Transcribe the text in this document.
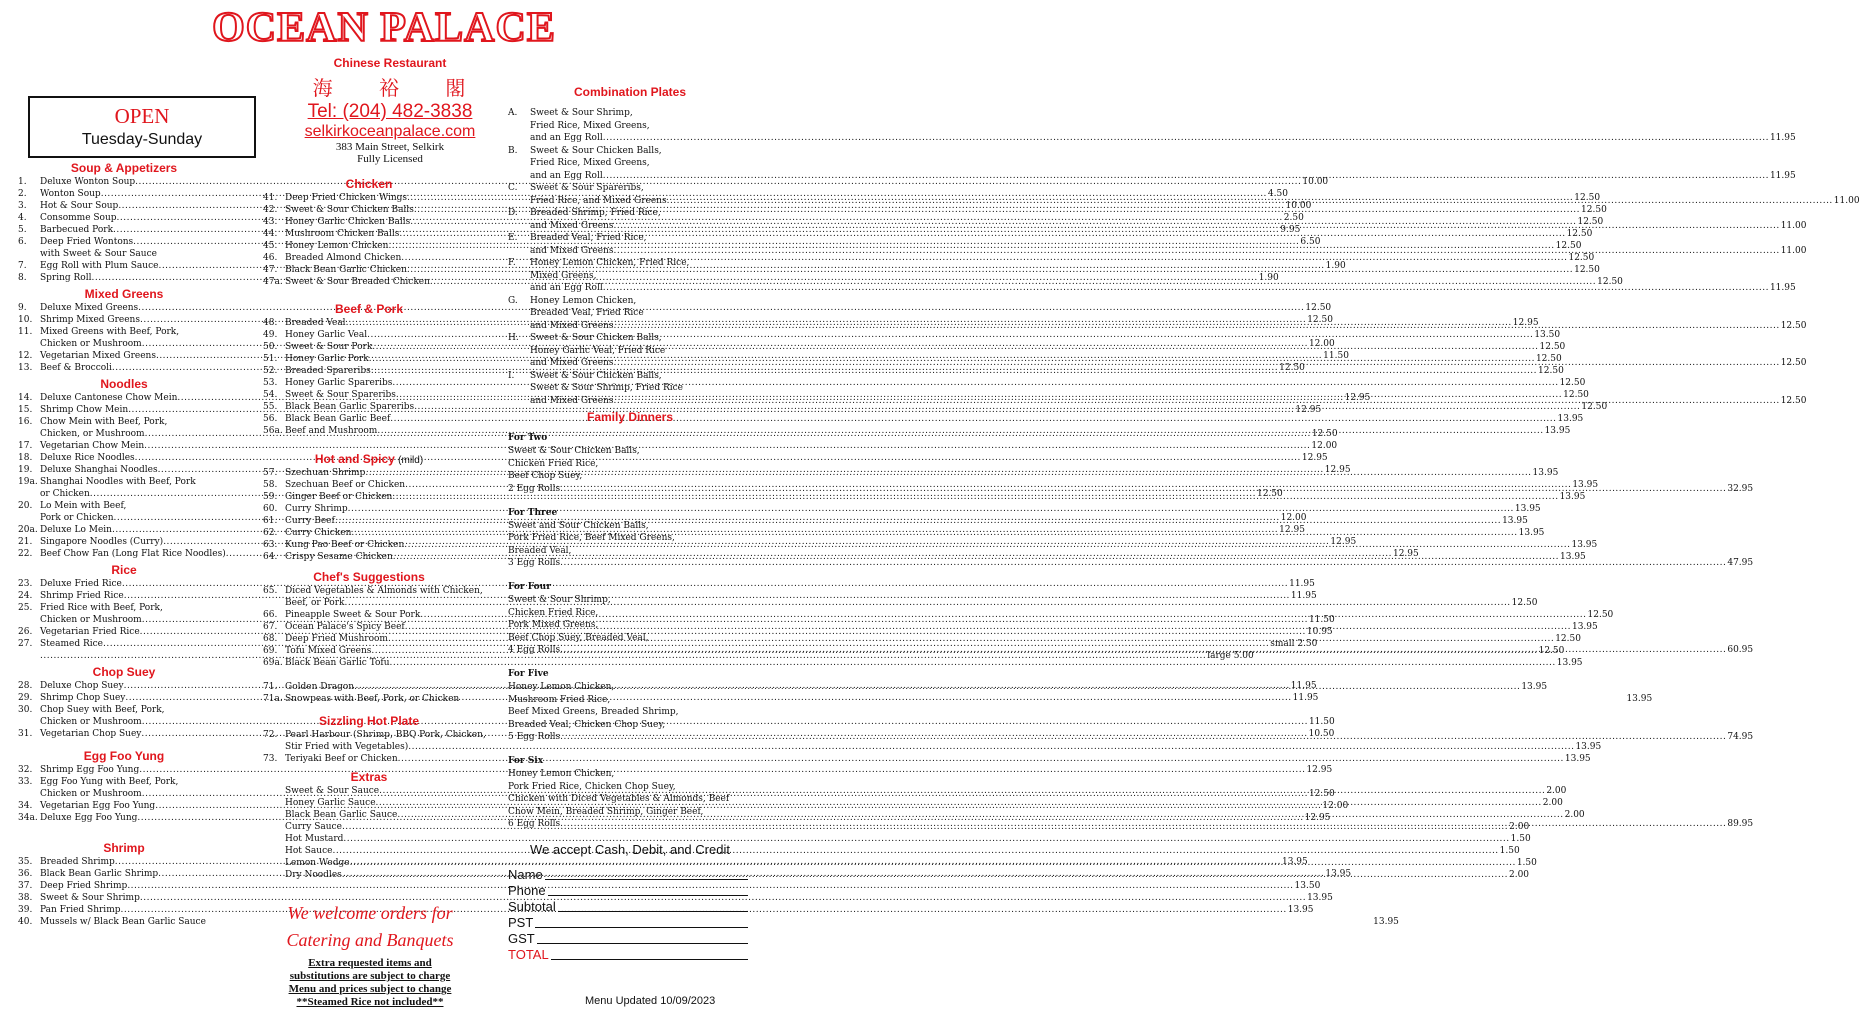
OCEAN PALACE
OPEN
Tuesday-Sunday
Chinese Restaurant
海 裕 閣
Tel: (204) 482-3838
selkirkoceanpalace.com
383 Main Street, Selkirk
Fully Licensed
Soup & Appetizers
1.	Deluxe Wonton Soup .....	10.00
2.	Wonton Soup .....	4.50
3.	Hot & Sour Soup .....	10.00
4.	Consomme Soup .....	2.50
5.	Barbecued Pork .....	9.95
6.	Deep Fried Wontons .....	6.50
with Sweet & Sour Sauce
7.	Egg Roll with Plum Sauce .....	1.90
8.	Spring Roll .....	1.90
Mixed Greens
9.	Deluxe Mixed Greens .....	12.50
10. Shrimp Mixed Greens .....	12.50
11. Mixed Greens with Beef, Pork,
Chicken or Mushroom .....	12.00
12. Vegetarian Mixed Greens .....	11.50
13. Beef & Broccoli .....	12.50
Noodles
14. Deluxe Cantonese Chow Mein .....	12.95
15. Shrimp Chow Mein .....	12.95
16. Chow Mein with Beef, Pork,
Chicken, or Mushroom .....	12.50
17. Vegetarian Chow Mein .....	12.00
18. Deluxe Rice Noodles .....	12.95
19. Deluxe Shanghai Noodles .....	12.95
19a. Shanghai Noodles with Beef, Pork
or Chicken .....	12.50
20. Lo Mein with Beef,
Pork or Chicken .....	12.00
20a. Deluxe Lo Mein .....	12.95
21. Singapore Noodles (Curry) .....	12.95
22. Beef Chow Fan (Long Flat Rice Noodles) .....	12.95
Rice
23. Deluxe Fried Rice .....	11.95
24. Shrimp Fried Rice .....	11.95
25. Fried Rice with Beef, Pork,
Chicken or Mushroom .....	11.50
26. Vegetarian Fried Rice .....	10.95
27. Steamed Rice .....	small 2.50
.....
large 5.00
Chop Suey
28. Deluxe Chop Suey .....	11.95
29. Shrimp Chop Suey .....	11.95
30. Chop Suey with Beef, Pork,
Chicken or Mushroom .....	11.50
31. Vegetarian Chop Suey .....	10.50
Egg Foo Yung
32. Shrimp Egg Foo Yung .....	12.95
33. Egg Foo Yung with Beef, Pork,
Chicken or Mushroom .....	12.50
34. Vegetarian Egg Foo Yung .....	12.00
34a. Deluxe Egg Foo Yung .....	12.95
Shrimp
35. Breaded Shrimp .....	13.95
36. Black Bean Garlic Shrimp .....	13.95
37. Deep Fried Shrimp .....	13.50
38. Sweet & Sour Shrimp .....	13.95
39. Pan Fried Shrimp .....	13.95
40. Mussels w/ Black Bean Garlic Sauce	13.95
Chicken
41. Deep Fried Chicken Wings .....	12.50
42. Sweet & Sour Chicken Balls .....	12.50
43. Honey Garlic Chicken Balls .....	12.50
44. Mushroom Chicken Balls .....	12.50
45. Honey Lemon Chicken .....	12.50
46. Breaded Almond Chicken .....	12.50
47. Black Bean Garlic Chicken .....	12.50
47a. Sweet & Sour Breaded Chicken .....	12.50
Beef & Pork
48. Breaded Veal .....	12.95
49. Honey Garlic Veal .....	13.50
50. Sweet & Sour Pork .....	12.50
51. Honey Garlic Pork .....	12.50
52. Breaded Spareribs .....	12.50
53. Honey Garlic Spareribs .....	12.50
54. Sweet & Sour Spareribs .....	12.50
55. Black Bean Garlic Spareribs .....	12.50
56. Black Bean Garlic Beef .....	13.95
56a. Beef and Mushroom .....	13.95
Hot and Spicy (mild)
57. Szechuan Shrimp .....	13.95
58. Szechuan Beef or Chicken .....	13.95
59. Ginger Beef or Chicken .....	13.95
60. Curry Shrimp .....	13.95
61. Curry Beef .....	13.95
62. Curry Chicken .....	13.95
63. Kung Pao Beef or Chicken .....	13.95
64. Crispy Sesame Chicken .....	13.95
Chef's Suggestions
65. Diced Vegetables & Almonds with Chicken,
Beef, or Pork .....	12.50
66. Pineapple Sweet & Sour Pork .....	12.50
67. Ocean Palace's Spicy Beef .....	13.95
68. Deep Fried Mushroom .....	12.50
69. Tofu Mixed Greens .....	12.50
69a. Black Bean Garlic Tofu .....	13.95
71. Golden Dragon .....	13.95
71a. Snowpeas with Beef, Pork, or Chicken	13.95
Sizzling Hot Plate
72. Pearl Harbour (Shrimp, BBQ Pork, Chicken,
Stir Fried with Vegetables) .....	13.95
73. Teriyaki Beef or Chicken .....	13.95
Extras
Sweet & Sour Sauce .....	2.00
Honey Garlic Sauce .....	2.00
Black Bean Garlic Sauce .....	2.00
Curry Sauce .....	2.00
Hot Mustard .....	1.50
Hot Sauce .....	1.50
Lemon Wedge .....	1.50
Dry Noodles .....	2.00
Combination Plates
A.	Sweet & Sour Shrimp,
Fried Rice, Mixed Greens,
and an Egg Roll .....	11.95
B.	Sweet & Sour Chicken Balls,
Fried Rice, Mixed Greens,
and an Egg Roll .....	11.95
C.	Sweet & Sour Spareribs,
Fried Rice, and Mixed Greens .....	11.00
D.	Breaded Shrimp, Fried Rice,
and Mixed Greens .....	11.00
E.	Breaded Veal, Fried Rice,
and Mixed Greens .....	11.00
F.	Honey Lemon Chicken, Fried Rice,
Mixed Greens,
and an Egg Roll .....	11.95
G.	Honey Lemon Chicken,
Breaded Veal, Fried Rice
and Mixed Greens .....	12.50
H.	Sweet & Sour Chicken Balls,
Honey Garlic Veal, Fried Rice
and Mixed Greens .....	12.50
I.	Sweet & Sour Chicken Balls,
Sweet & Sour Shrimp, Fried Rice
and Mixed Greens .....	12.50
Family Dinners
For Two
Sweet & Sour Chicken Balls,
Chicken Fried Rice,
Beef Chop Suey,
2 Egg Rolls .....	32.95
For Three
Sweet and Sour Chicken Balls,
Pork Fried Rice, Beef Mixed Greens,
Breaded Veal,
3 Egg Rolls .....	47.95
For Four
Sweet & Sour Shrimp,
Chicken Fried Rice,
Pork Mixed Greens,
Beef Chop Suey, Breaded Veal,
4 Egg Rolls .....	60.95
For Five
Honey Lemon Chicken,
Mushroom Fried Rice,
Beef Mixed Greens, Breaded Shrimp,
Breaded Veal, Chicken Chop Suey,
5 Egg Rolls .....	74.95
For Six
Honey Lemon Chicken,
Pork Fried Rice, Chicken Chop Suey,
Chicken with Diced Vegetables & Almonds, Beef
Chow Mein, Breaded Shrimp, Ginger Beef,
6 Egg Rolls .....	89.95
We accept Cash, Debit, and Credit
Name
Phone
Subtotal
PST
GST
TOTAL
We welcome orders for
Catering and Banquets
Extra requested items and
substitutions are subject to charge
Menu and prices subject to change
**Steamed Rice not included**	Menu Updated 10/09/2023
